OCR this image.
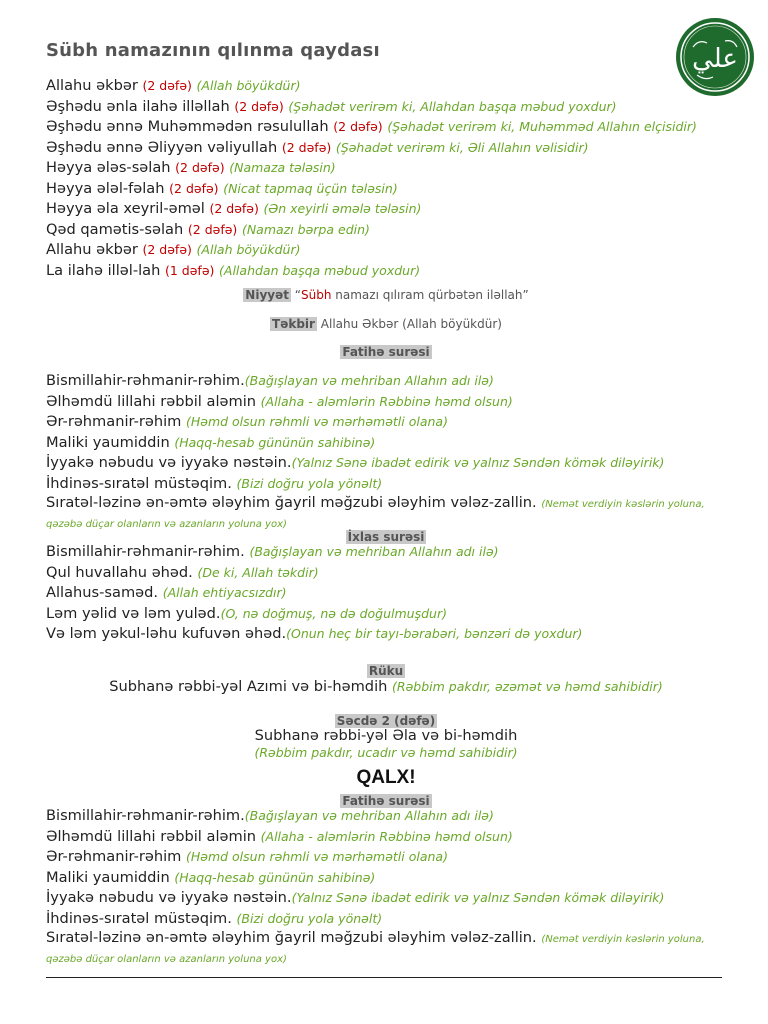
Sübh namazının qılınma qaydası	علي
Allahu əkbər (2 dəfə) (Allah böyükdür)
Əşhədu ənla ilahə illəllah (2 dəfə) (Şəhadət verirəm ki, Allahdan başqa məbud yoxdur)
Əşhədu ənnə Muhəmmədən rəsulullah (2 dəfə) (Şəhadət verirəm ki, Muhəmməd Allahın elçisidir)
Əşhədu ənnə Əliyyən vəliyullah (2 dəfə) (Şəhadət verirəm ki, Əli Allahın vəlisidir)
Həyya ələs-sәlah (2 dəfə) (Namaza tələsin)
Həyya ələl-fəlah (2 dəfə) (Nicat tapmaq üçün tələsin)
Həyya əla xeyril-əməl (2 dəfə) (Ən xeyirli əmələ tələsin)
Qəd qamətis-səlah (2 dəfə) (Namazı bərpa edin)
Allahu əkbər (2 dəfə) (Allah böyükdür)
La ilahə illəl-lah (1 dəfə) (Allahdan başqa məbud yoxdur)
Niyyət “Sübh namazı qılıram qürbətən iləllah”
Təkbir Allahu Əkbər (Allah böyükdür)
Fatihə surəsi
Bismillahir-rəhmanir-rəhim.(Bağışlayan və mehriban Allahın adı ilə)
Əlhəmdü lillahi rəbbil aləmin (Allaha - aləmlərin Rəbbinə həmd olsun)
Ər-rəhmanir-rəhim (Həmd olsun rəhmli və mərhəmətli olana)
Maliki yaumiddin (Haqq-hesab gününün sahibinə)
İyyakə nəbudu və iyyakə nəstəin.(Yalnız Sənə ibadət edirik və yalnız Səndən kömək diləyirik)
İhdinəs-sıratəl müstəqim. (Bizi doğru yola yönəlt)
Sıratəl-ləzinə ən-əmtə ələyhim ğayril məğzubi ələyhim vələz-zallin. (Nemət verdiyin kəslərin yoluna, qəzəbə düçar olanların və azanların yoluna yox)
İxlas surəsi
Bismillahir-rəhmanir-rəhim. (Bağışlayan və mehriban Allahın adı ilə)
Qul huvallahu əhəd. (De ki, Allah təkdir)
Allahus-saməd. (Allah ehtiyacsızdır)
Ləm yəlid və ləm yuləd.(O, nə doğmuş, nə də doğulmuşdur)
Və ləm yəkul-ləhu kufuvən əhəd.(Onun heç bir tayı-bərabəri, bənzəri də yoxdur)
Rüku
Subhanə rəbbi-yəl Azımi və bi-həmdih (Rəbbim pakdır, əzəmət və həmd sahibidir)
Səcdə 2 (dəfə)
Subhanə rəbbi-yəl Əla və bi-həmdih
(Rəbbim pakdır, ucadır və həmd sahibidir)
QALX!
Fatihə surəsi
Bismillahir-rəhmanir-rəhim.(Bağışlayan və mehriban Allahın adı ilə)
Əlhəmdü lillahi rəbbil aləmin (Allaha - aləmlərin Rəbbinə həmd olsun)
Ər-rəhmanir-rəhim (Həmd olsun rəhmli və mərhəmətli olana)
Maliki yaumiddin (Haqq-hesab gününün sahibinə)
İyyakə nəbudu və iyyakə nəstəin.(Yalnız Sənə ibadət edirik və yalnız Səndən kömək diləyirik)
İhdinəs-sıratəl müstəqim. (Bizi doğru yola yönəlt)
Sıratəl-ləzinə ən-əmtə ələyhim ğayril məğzubi ələyhim vələz-zallin. (Nemət verdiyin kəslərin yoluna, qəzəbə düçar olanların və azanların yoluna yox)
